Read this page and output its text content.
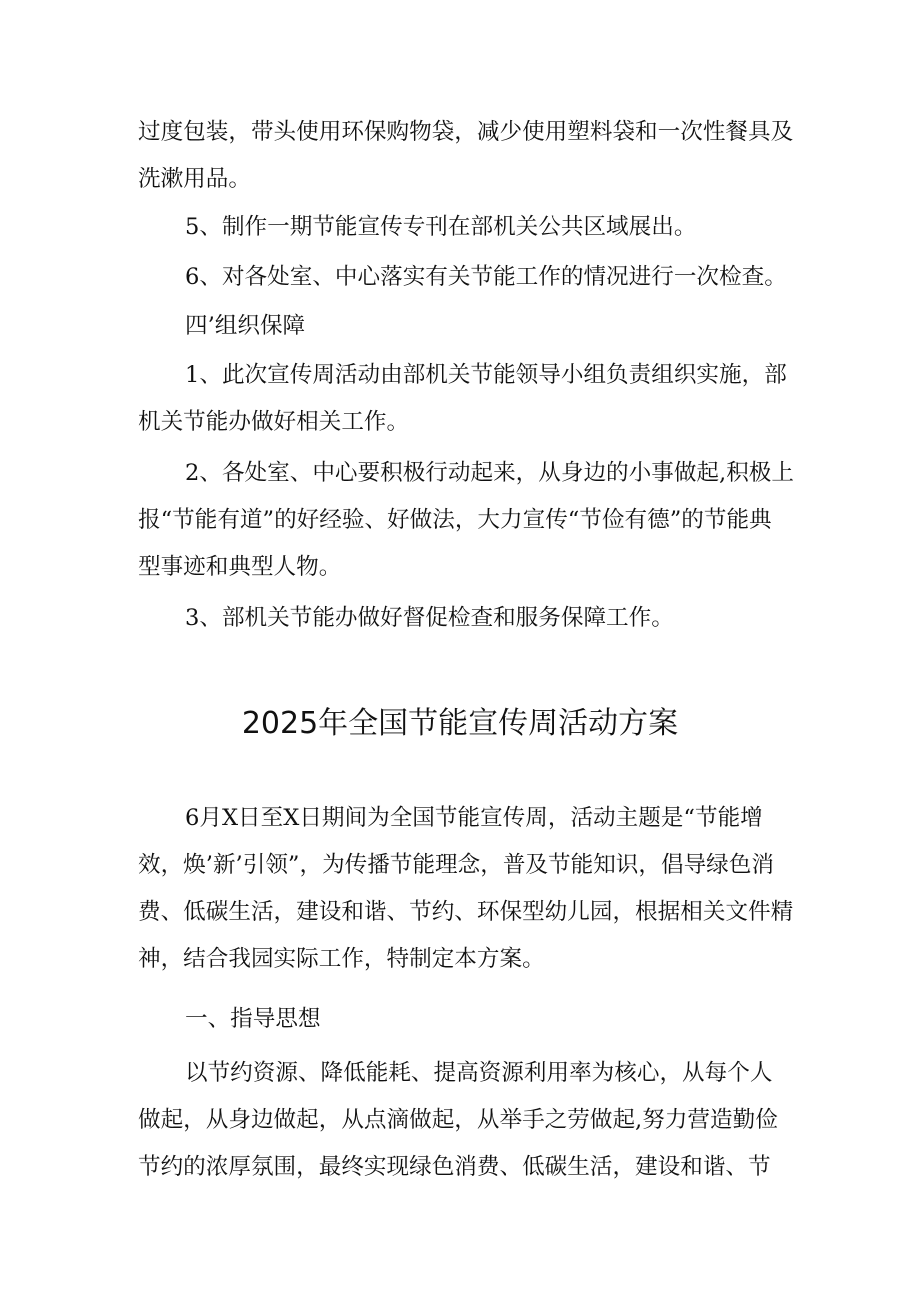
过度包装，带头使用环保购物袋，减少使用塑料袋和一次性餐具及洗漱用品。

5、制作一期节能宣传专刊在部机关公共区域展出。

6、对各处室、中心落实有关节能工作的情况进行一次检查。

四’组织保障

1、此次宣传周活动由部机关节能领导小组负责组织实施，部机关节能办做好相关工作。

2、各处室、中心要积极行动起来，从身边的小事做起,积极上报“节能有道”的好经验、好做法，大力宣传“节俭有德”的节能典型事迹和典型人物。

3、部机关节能办做好督促检查和服务保障工作。

2025年全国节能宣传周活动方案

6月X日至X日期间为全国节能宣传周，活动主题是“节能增效，焕’新’引领”，为传播节能理念，普及节能知识，倡导绿色消费、低碳生活，建设和谐、节约、环保型幼儿园，根据相关文件精神，结合我园实际工作，特制定本方案。

一、指导思想

以节约资源、降低能耗、提高资源利用率为核心，从每个人做起，从身边做起，从点滴做起，从举手之劳做起,努力营造勤俭节约的浓厚氛围，最终实现绿色消费、低碳生活，建设和谐、节
